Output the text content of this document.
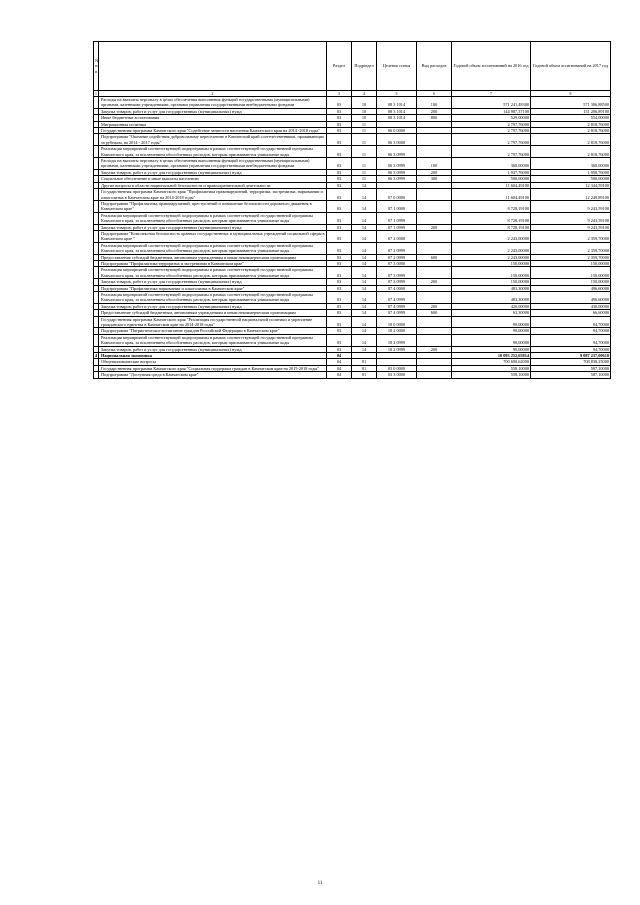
№ п/п		Раздел	Подраздел	Целевая статья	Вид расходов	Годовой объем ассигнований на 2016 год	Годовой объем ассигнований на 2017 год
1	2	3	4	5	6	7	8
	Расходы на выплаты персоналу в целях обеспечения выполнения функций государственными (муниципальными) органами, казенными учреждениями, органами управления государственными внебюджетными фондами	03	10	08 3 1014	100	571 241,48300	571 306,88500
	Закупка товаров, работ и услуг для государственных (муниципальных) нужд	03	10	08 3 1014	200	144 987,37100	151 206,89100
	Иные бюджетные ассигнования	03	10	08 3 1014	800	529,00000	554,00000
	Миграционная политика	03	11			2 797,76000	2 818,76000
	Государственная программа Камчатского края "Содействие занятости населения Камчатского края на 2014 -2018 годы"	03	11	06 0 0000		2 797,76000	2 818,76000
	Подпрограмма "Оказание содействия добровольному переселению в Камчатский край соотечественников, проживающих за рубежом, на 2014 - 2017 годы"	03	11	06 3 0000		2 797,76000	2 818,76000
	Реализация мероприятий соответствующей подпрограммы в рамках соответствующей государственной программы Камчатского края, за исключением обособленных расходов, которым присваиваются уникальные коды	03	11	06 3 0999		2 797,76000	2 818,76000
	Расходы на выплаты персоналу в целях обеспечения выполнения функций государственными (муниципальными) органами, казенными учреждениями, органами управления государственными внебюджетными фондами	03	11	06 3 0999	100	360,00000	360,00000
	Закупка товаров, работ и услуг для государственных (муниципальных) нужд	03	11	06 3 0999	200	1 937,76000	1 958,76000
	Социальное обеспечение и иные выплаты населению	03	11	06 3 0999	300	500,00000	500,00000
	Другие вопросы в области национальной безопасности и правоохранительной деятельности	03	14			11 604,49100	12 344,59100
	Государственная программа Камчатского края "Профилактика правонарушений, терроризма, экстремизма, наркомании и алкоголизма в Камчатском крае на 2014-2018 годы"	03	14	07 0 0000		11 604,49100	12 249,89100
	Подпрограмма "Профилактика правонарушений, преступлений и повышение безопасности дорожного движения в Камчатском крае"	03	14	07 1 0000		8 728,19100	9 243,59100
	Реализация мероприятий соответствующей подпрограммы в рамках соответствующей государственной программы Камчатского края, за исключением обособленных расходов, которым присваиваются уникальные коды	03	14	07 1 0999		8 728,19100	9 243,59100
	Закупка товаров, работ и услуг для государственных (муниципальных) нужд	03	14	07 1 0999	200	8 728,19100	9 243,59100
	Подпрограмма "Комплексная безопасность краевых государственных и муниципальных учреждений социальной сферы в Камчатском крае "	03	14	07 2 0000		2 243,00000	2 359,70000
	Реализация мероприятий соответствующей подпрограммы в рамках соответствующей государственной программы Камчатского края, за исключением обособленных расходов, которым присваиваются уникальные коды	03	14	07 2 0999		2 243,00000	2 359,70000
	Предоставление субсидий бюджетным, автономным учреждениям и иным некоммерческим организациям	03	14	07 2 0999	600	2 243,00000	2 359,70000
	Подпрограмма "Профилактика терроризма и экстремизма в Камчатском крае"	03	14	07 3 0000		150,00000	150,00000
	Реализация мероприятий соответствующей подпрограммы в рамках соответствующей государственной программы Камчатского края, за исключением обособленных расходов, которым присваиваются уникальные коды	03	14	07 3 0999		150,00000	150,00000
	Закупка товаров, работ и услуг для государственных (муниципальных) нужд	03	14	07 3 0999	200	150,00000	150,00000
	Подпрограмма "Профилактика наркомании и алкоголизма в Камчатском крае"	03	14	07 4 0000		483,30000	496,60000
	Реализация мероприятий соответствующей подпрограммы в рамках соответствующей государственной программы Камчатского края, за исключением обособленных расходов, которым присваиваются уникальные коды	03	14	07 4 0999		483,30000	496,60000
	Закупка товаров, работ и услуг для государственных (муниципальных) нужд	03	14	07 4 0999	200	420,00000	430,00000
	Предоставление субсидий бюджетным, автономным учреждениям и иным некоммерческим организациям	03	14	07 4 0999	600	63,30000	66,60000
	Государственная программа Камчатского края "Реализация государственной национальной политики и укрепление гражданского единства в Камчатском крае на 2014-2018 годы"	03	14	18 0 0000		90,00000	94,70000
	Подпрограмма "Патриотическое воспитание граждан Российской Федерации в Камчатском крае"	03	14	18 2 0000		90,00000	94,70000
	Реализация мероприятий соответствующей подпрограммы в рамках соответствующей государственной программы Камчатского края, за исключением обособленных расходов, которым присваиваются уникальные коды	03	14	18 2 0999		90,00000	94,70000
	Закупка товаров, работ и услуг для государственных (муниципальных) нужд	03	14	18 2 0999	200	90,00000	94,70000
4	Национальная экономика	04				10 093 252,65814	9 087 237,00610
	Общеэкономические вопросы	04	01			700 690,62000	708 838,25000
	Государственная программа Камчатского края "Социальная поддержка граждан в Камчатском крае на 2015-2018 годы"	04	01	03 0 0000		558,10000	587,10000
	Подпрограмма "Доступная среда в Камчатском крае"	04	01	03 3 0000		558,10000	587,10000
11
